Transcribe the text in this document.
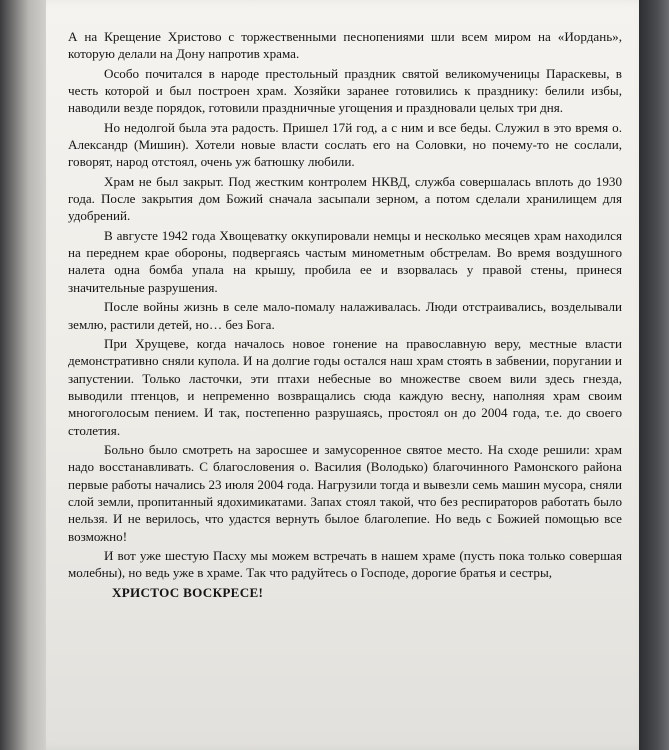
А на Крещение Христово с торжественными песнопениями шли всем миром на «Иордань», которую делали на Дону напротив храма.

Особо почитался в народе престольный праздник святой великомученицы Параскевы, в честь которой и был построен храм. Хозяйки заранее готовились к празднику: белили избы, наводили везде порядок, готовили праздничные угощения и праздновали целых три дня.

Но недолгой была эта радость. Пришел 17й год, а с ним и все беды. Служил в это время о. Александр (Мишин). Хотели новые власти сослать его на Соловки, но почему-то не сослали, говорят, народ отстоял, очень уж батюшку любили.

Храм не был закрыт. Под жестким контролем НКВД, служба совершалась вплоть до 1930 года. После закрытия дом Божий сначала засыпали зерном, а потом сделали хранилищем для удобрений.

В августе 1942 года Хвощеватку оккупировали немцы и несколько месяцев храм находился на переднем крае обороны, подвергаясь частым минометным обстрелам. Во время воздушного налета одна бомба упала на крышу, пробила ее и взорвалась у правой стены, принеся значительные разрушения.

После войны жизнь в селе мало-помалу налаживалась. Люди отстраивались, возделывали землю, растили детей, но… без Бога.

При Хрущеве, когда началось новое гонение на православную веру, местные власти демонстративно сняли купола. И на долгие годы остался наш храм стоять в забвении, поругании и запустении. Только ласточки, эти птахи небесные во множестве своем вили здесь гнезда, выводили птенцов, и непременно возвращались сюда каждую весну, наполняя храм своим многоголосым пением. И так, постепенно разрушаясь, простоял он до 2004 года, т.е. до своего столетия.

Больно было смотреть на заросшее и замусоренное святое место. На сходе решили: храм надо восстанавливать. С благословения о. Василия (Володько) благочинного Рамонского района первые работы начались 23 июля 2004 года. Нагрузили тогда и вывезли семь машин мусора, сняли слой земли, пропитанный ядохимикатами. Запах стоял такой, что без респираторов работать было нельзя. И не верилось, что удастся вернуть былое благолепие. Но ведь с Божией помощью все возможно!

И вот уже шестую Пасху мы можем встречать в нашем храме (пусть пока только совершая молебны), но ведь уже в храме. Так что радуйтесь о Господе, дорогие братья и сестры,

ХРИСТОС ВОСКРЕСЕ!
